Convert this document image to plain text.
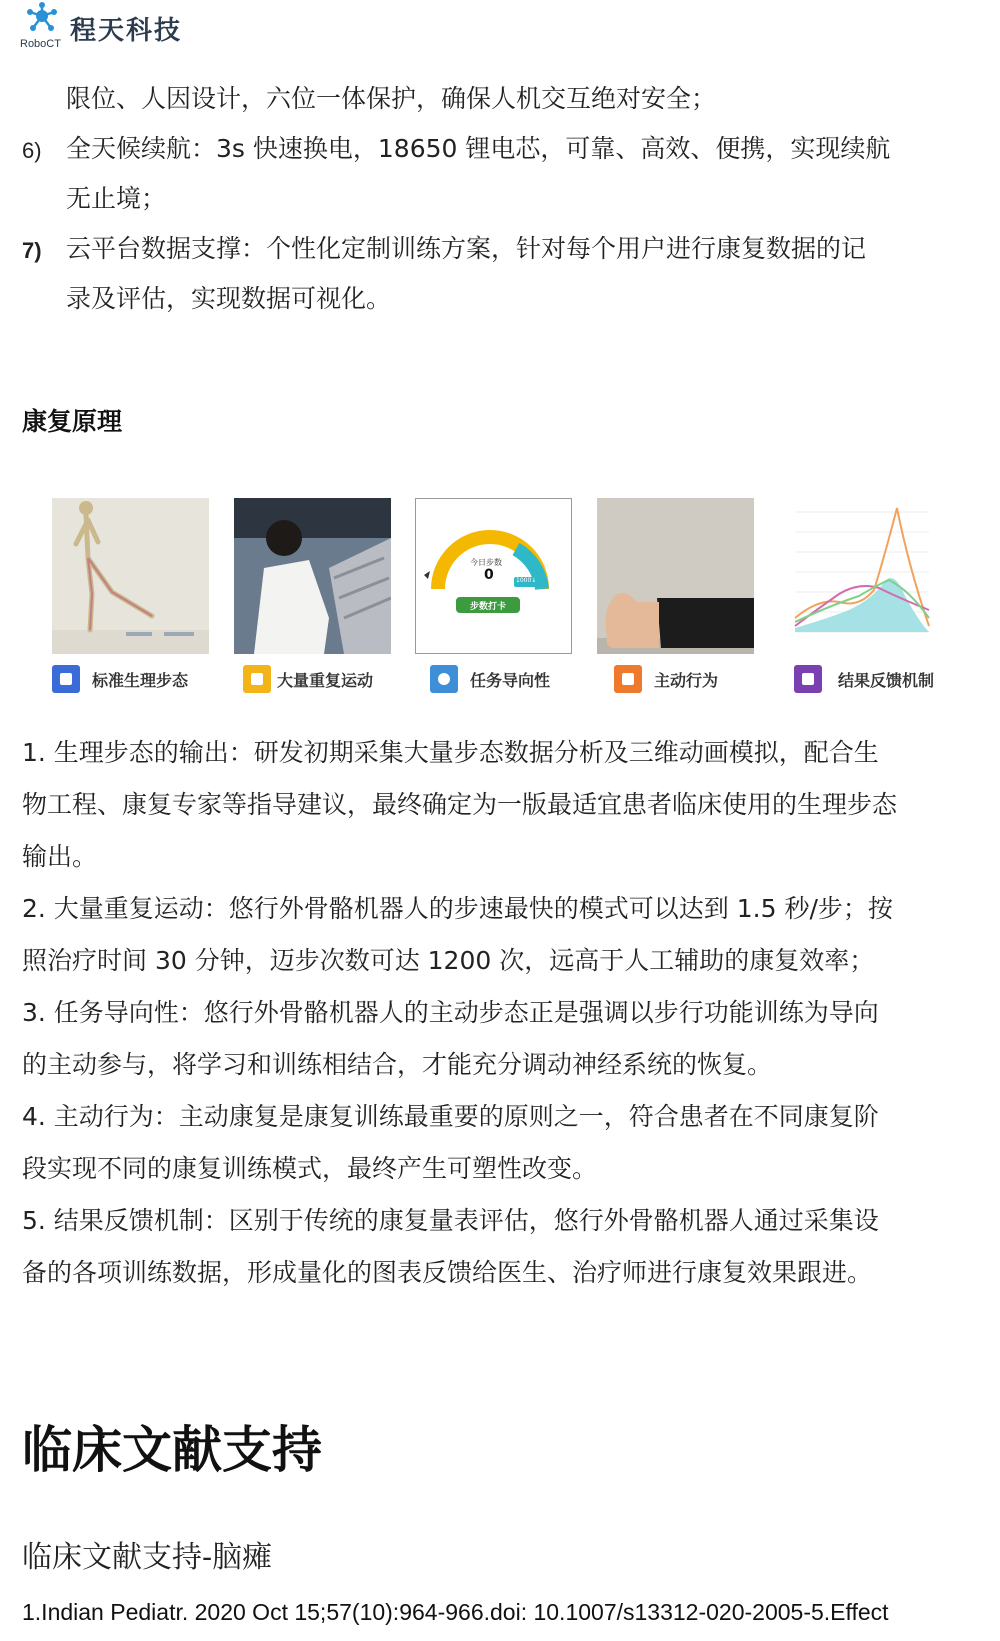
程天科技
RoboCT
限位、人因设计，六位一体保护，确保人机交互绝对安全；
6) 全天候续航：3s 快速换电，18650 锂电芯，可靠、高效、便携，实现续航
无止境；
7) 云平台数据支撑：个性化定制训练方案，针对每个用户进行康复数据的记
录及评估，实现数据可视化。
康复原理
今日步数
0	1000↓
步数打卡
标准生理步态	大量重复运动	任务导向性	主动行为	结果反馈机制
1. 生理步态的输出：研发初期采集大量步态数据分析及三维动画模拟，配合生
物工程、康复专家等指导建议，最终确定为一版最适宜患者临床使用的生理步态
输出。
2. 大量重复运动：悠行外骨骼机器人的步速最快的模式可以达到 1.5 秒/步；按
照治疗时间 30 分钟，迈步次数可达 1200 次，远高于人工辅助的康复效率；
3. 任务导向性：悠行外骨骼机器人的主动步态正是强调以步行功能训练为导向
的主动参与，将学习和训练相结合，才能充分调动神经系统的恢复。
4. 主动行为：主动康复是康复训练最重要的原则之一，符合患者在不同康复阶
段实现不同的康复训练模式，最终产生可塑性改变。
5. 结果反馈机制：区别于传统的康复量表评估，悠行外骨骼机器人通过采集设
备的各项训练数据，形成量化的图表反馈给医生、治疗师进行康复效果跟进。
临床文献支持
临床文献支持-脑瘫
1.Indian Pediatr. 2020 Oct 15;57(10):964-966.doi: 10.1007/s13312-020-2005-5.Effect
